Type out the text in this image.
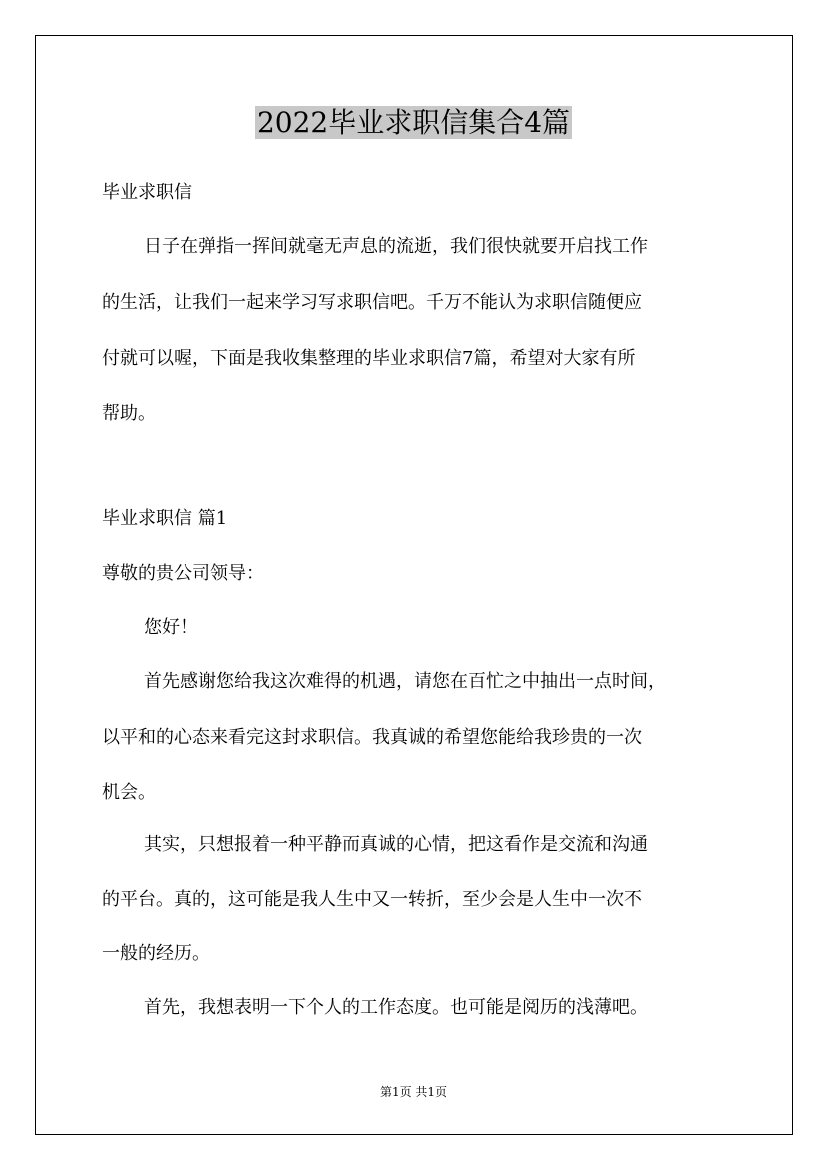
2022毕业求职信集合4篇
毕业求职信
日子在弹指一挥间就毫无声息的流逝，我们很快就要开启找工作
的生活，让我们一起来学习写求职信吧。千万不能认为求职信随便应
付就可以喔，下面是我收集整理的毕业求职信7篇，希望对大家有所
帮助。
毕业求职信 篇1
尊敬的贵公司领导：
您好！
首先感谢您给我这次难得的机遇，请您在百忙之中抽出一点时间，
以平和的心态来看完这封求职信。我真诚的希望您能给我珍贵的一次
机会。
其实，只想报着一种平静而真诚的心情，把这看作是交流和沟通
的平台。真的，这可能是我人生中又一转折，至少会是人生中一次不
一般的经历。
首先，我想表明一下个人的工作态度。也可能是阅历的浅薄吧。
第1页 共1页
